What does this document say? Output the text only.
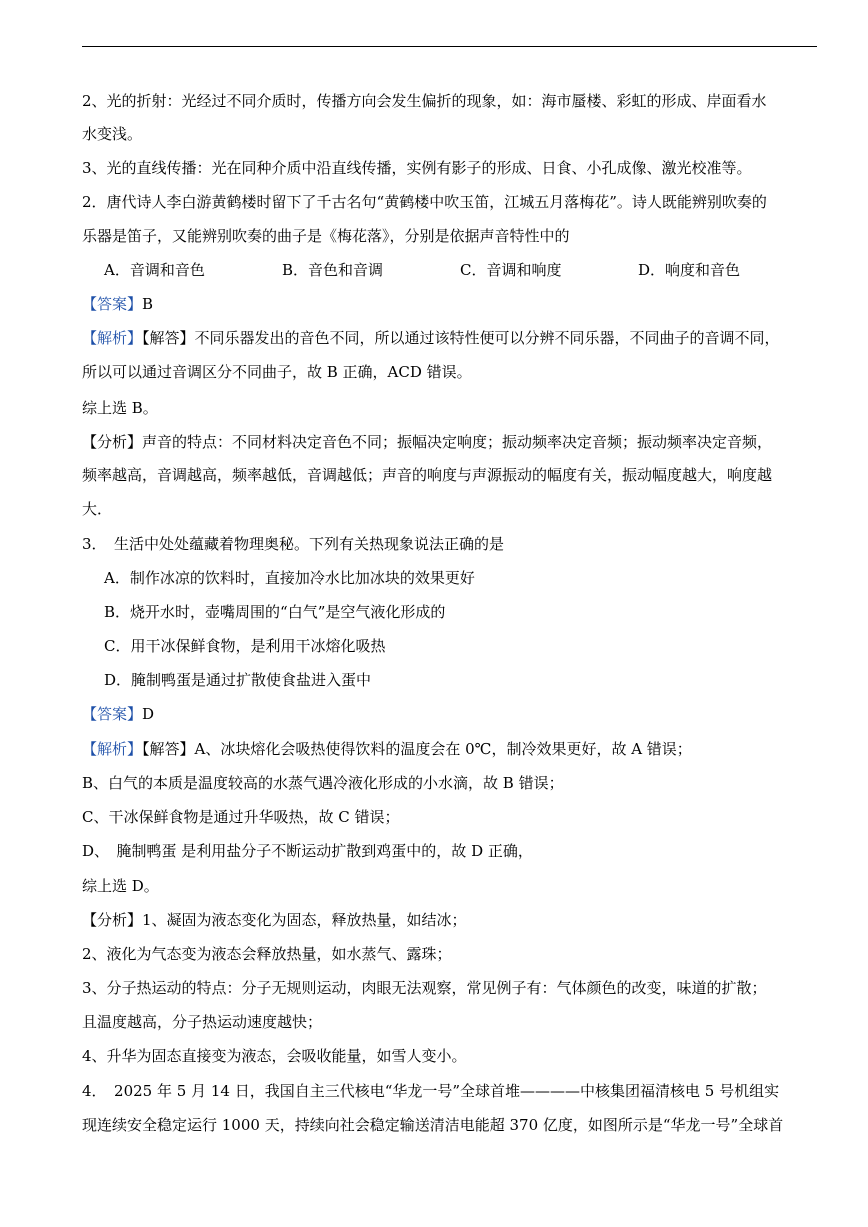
2、光的折射：光经过不同介质时，传播方向会发生偏折的现象，如：海市蜃楼、彩虹的形成、岸面看水
水变浅。
3、光的直线传播：光在同种介质中沿直线传播，实例有影子的形成、日食、小孔成像、激光校准等。
2．唐代诗人李白游黄鹤楼时留下了千古名句“黄鹤楼中吹玉笛，江城五月落梅花”。诗人既能辨别吹奏的
乐器是笛子，又能辨别吹奏的曲子是《梅花落》，分别是依据声音特性中的
A．音调和音色	B．音色和音调	C．音调和响度	D．响度和音色
【答案】B
【解析】【解答】不同乐器发出的音色不同，所以通过该特性便可以分辨不同乐器，不同曲子的音调不同，
所以可以通过音调区分不同曲子，故 B 正确，ACD 错误。
综上选 B。
【分析】声音的特点：不同材料决定音色不同；振幅决定响度；振动频率决定音频；振动频率决定音频，
频率越高，音调越高，频率越低，音调越低；声音的响度与声源振动的幅度有关，振动幅度越大，响度越
大．
3．　生活中处处蕴藏着物理奥秘。下列有关热现象说法正确的是
A．制作冰凉的饮料时，直接加冷水比加冰块的效果更好
B．烧开水时，壶嘴周围的“白气”是空气液化形成的
C．用干冰保鲜食物，是利用干冰熔化吸热
D．腌制鸭蛋是通过扩散使食盐进入蛋中
【答案】D
【解析】【解答】A、冰块熔化会吸热使得饮料的温度会在 0℃，制冷效果更好，故 A 错误；
B、白气的本质是温度较高的水蒸气遇冷液化形成的小水滴，故 B 错误；
C、干冰保鲜食物是通过升华吸热，故 C 错误；
D、　腌制鸭蛋 是利用盐分子不断运动扩散到鸡蛋中的，故 D 正确，
综上选 D。
【分析】1、凝固为液态变化为固态，释放热量，如结冰；
2、液化为气态变为液态会释放热量，如水蒸气、露珠；
3、分子热运动的特点：分子无规则运动，肉眼无法观察，常见例子有：气体颜色的改变，味道的扩散；
且温度越高，分子热运动速度越快；
4、升华为固态直接变为液态，会吸收能量，如雪人变小。
4．　2025 年 5 月 14 日，我国自主三代核电“华龙一号”全球首堆————中核集团福清核电 5 号机组实
现连续安全稳定运行 1000 天，持续向社会稳定输送清洁电能超 370 亿度，如图所示是“华龙一号”全球首
